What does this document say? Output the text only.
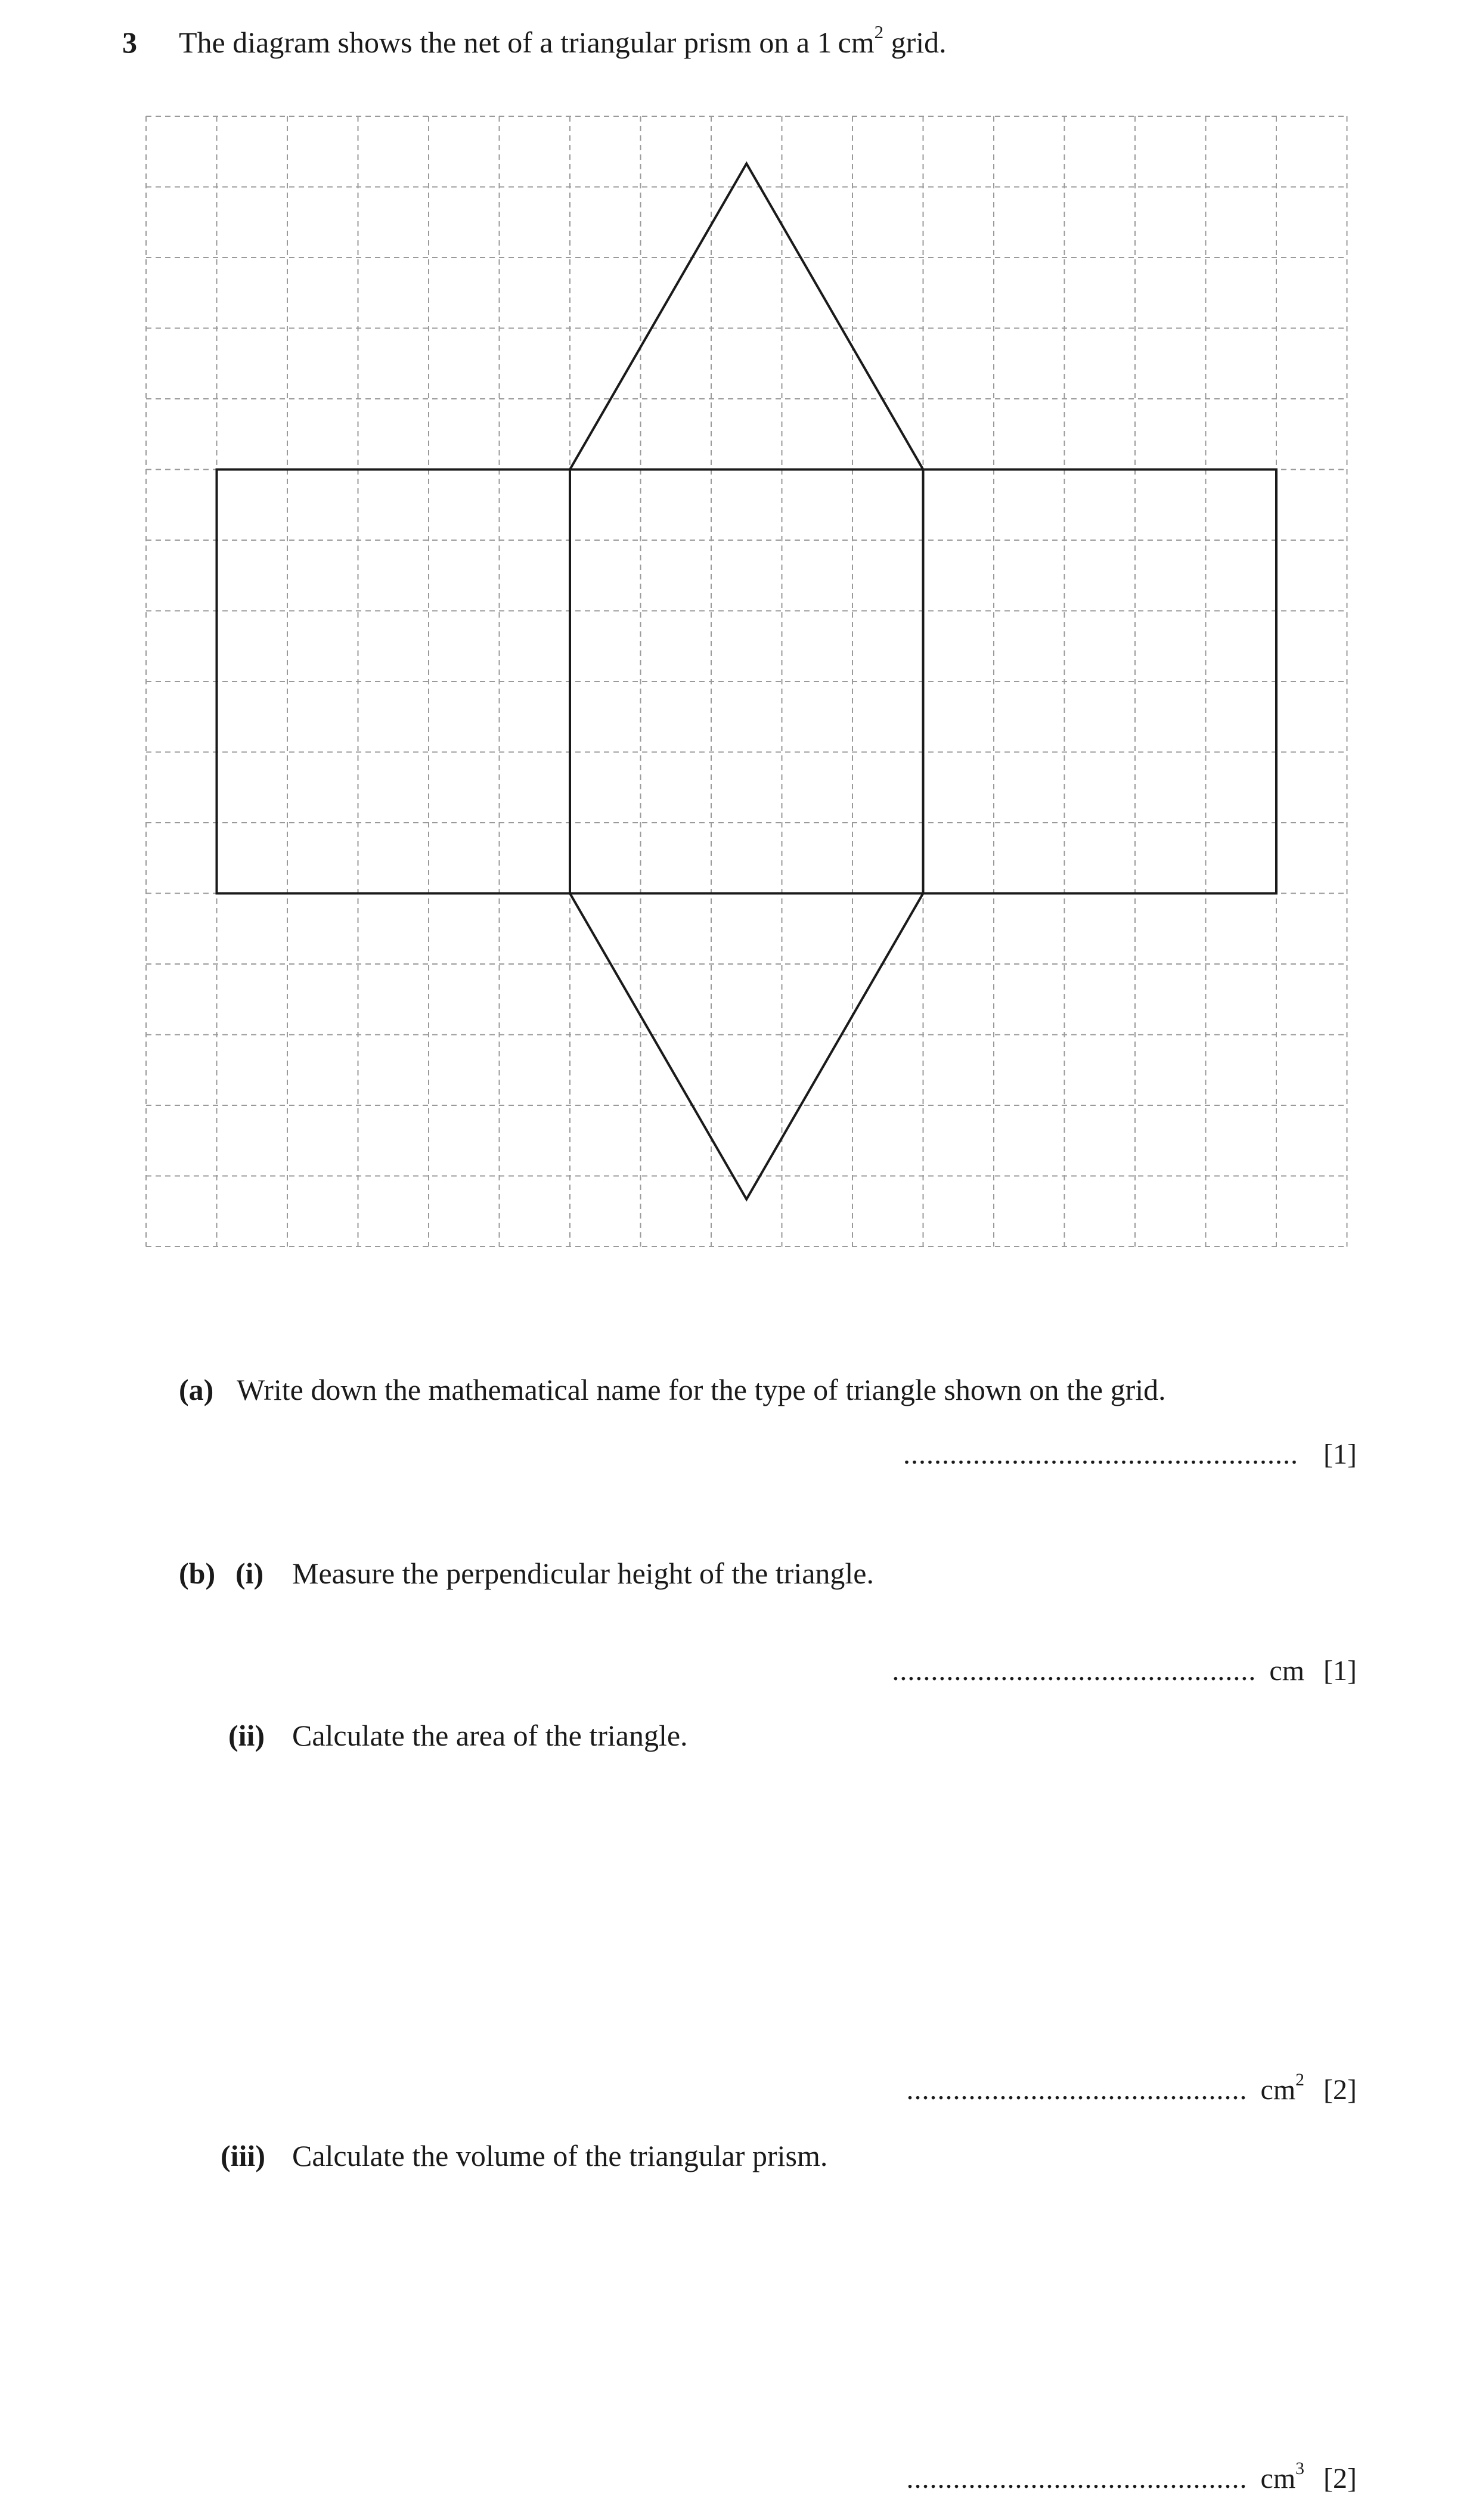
3 The diagram shows the net of a triangular prism on a 1 $cm^2$ grid.
(a) Write down the mathematical name for the type of triangle shown on the grid.
................................................... [1]
(b) (i) Measure the perpendicular height of the triangle.
............................................... cm [1]
(ii) Calculate the area of the triangle.
............................................ $cm^2$ [2]
(iii) Calculate the volume of the triangular prism.
............................................ $cm^3$ [2]
